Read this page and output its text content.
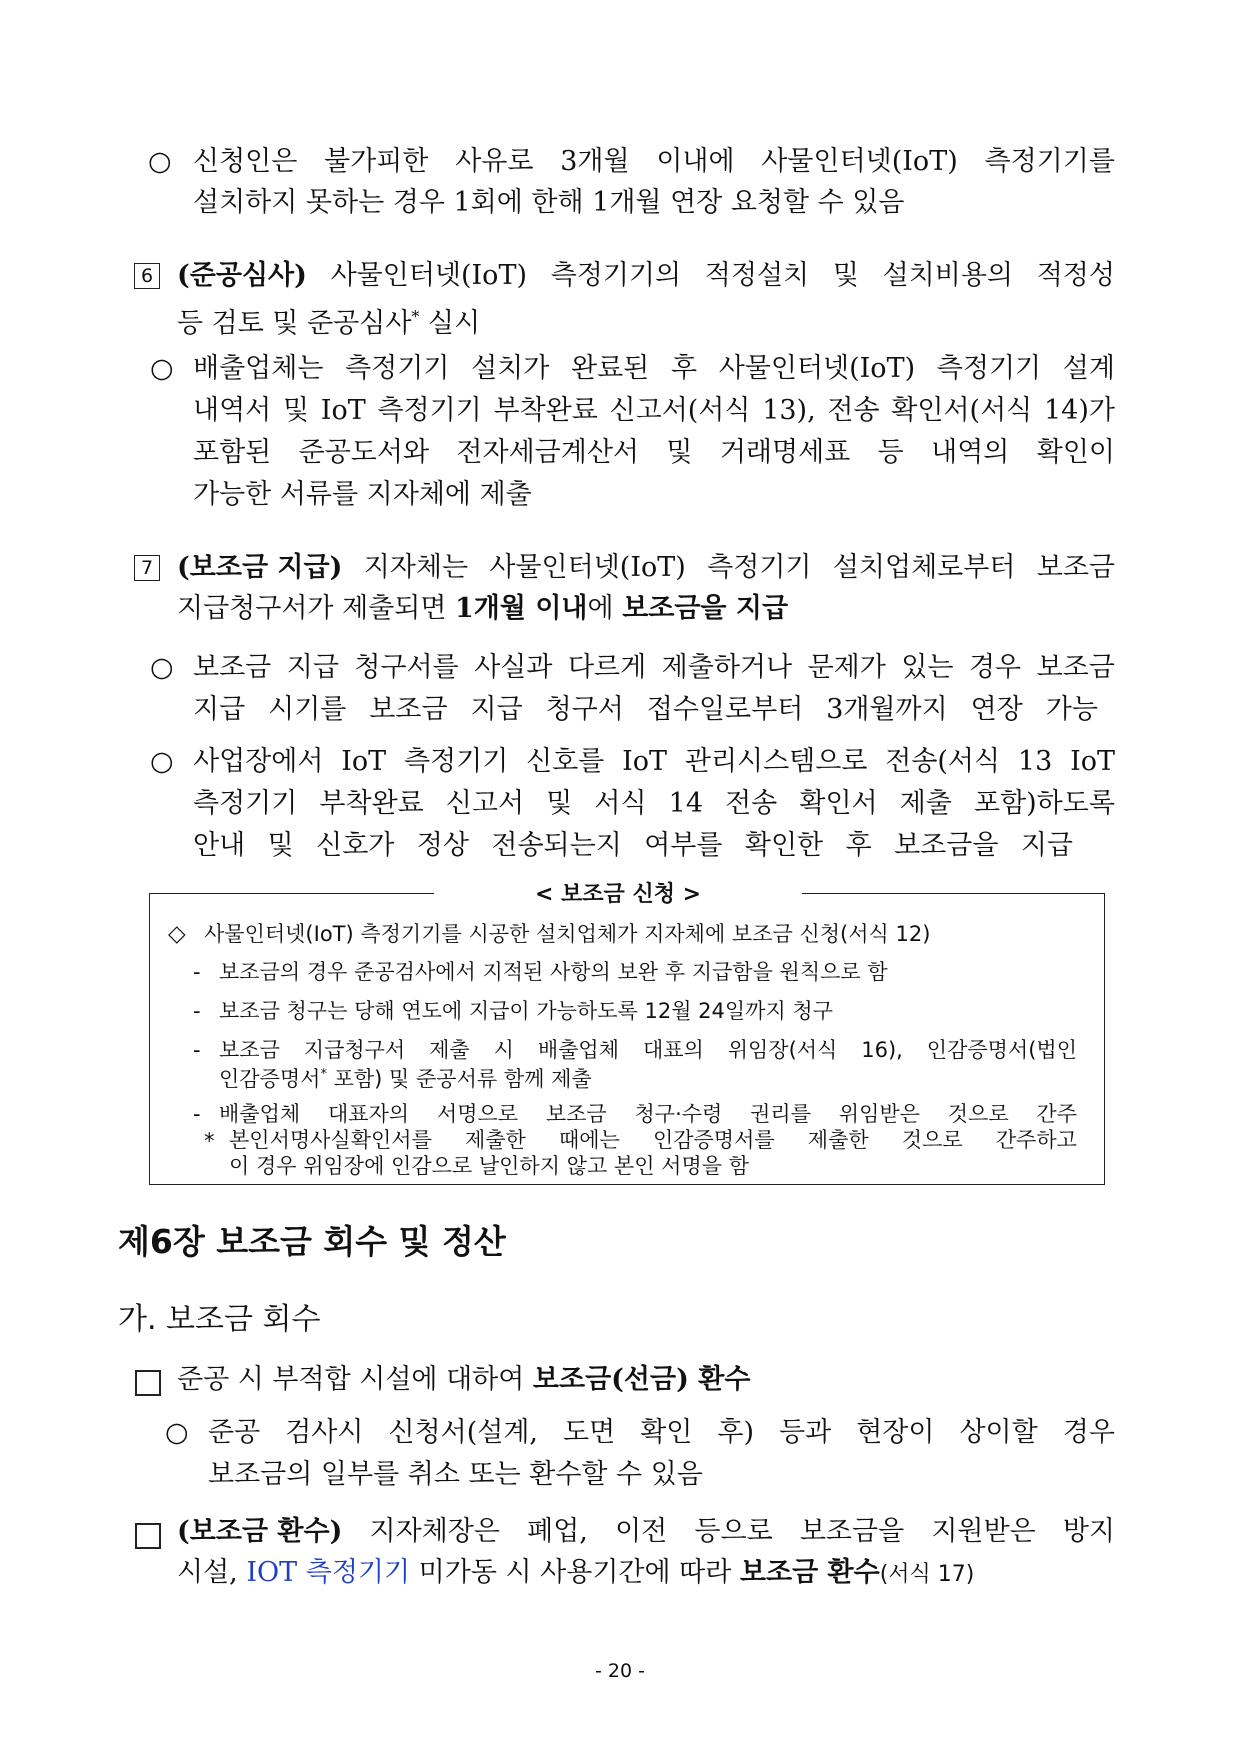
○ 신청인은 불가피한 사유로 3개월 이내에 사물인터넷(IoT) 측정기기를
설치하지 못하는 경우 1회에 한해 1개월 연장 요청할 수 있음
6 (준공심사) 사물인터넷(IoT) 측정기기의 적정설치 및 설치비용의 적정성
등 검토 및 준공심사* 실시
○ 배출업체는 측정기기 설치가 완료된 후 사물인터넷(IoT) 측정기기 설계
내역서 및 IoT 측정기기 부착완료 신고서(서식 13), 전송 확인서(서식 14)가
포함된 준공도서와 전자세금계산서 및 거래명세표 등 내역의 확인이
가능한 서류를 지자체에 제출
7 (보조금 지급) 지자체는 사물인터넷(IoT) 측정기기 설치업체로부터 보조금
지급청구서가 제출되면 1개월 이내에 보조금을 지급
○ 보조금 지급 청구서를 사실과 다르게 제출하거나 문제가 있는 경우 보조금
지급 시기를 보조금 지급 청구서 접수일로부터 3개월까지 연장 가능
○ 사업장에서 IoT 측정기기 신호를 IoT 관리시스템으로 전송(서식 13 IoT
측정기기 부착완료 신고서 및 서식 14 전송 확인서 제출 포함)하도록
안내 및 신호가 정상 전송되는지 여부를 확인한 후 보조금을 지급
< 보조금 신청 >
◇ 사물인터넷(IoT) 측정기기를 시공한 설치업체가 지자체에 보조금 신청(서식 12)
- 보조금의 경우 준공검사에서 지적된 사항의 보완 후 지급함을 원칙으로 함
- 보조금 청구는 당해 연도에 지급이 가능하도록 12월 24일까지 청구
- 보조금 지급청구서 제출 시 배출업체 대표의 위임장(서식 16), 인감증명서(법인
인감증명서* 포함) 및 준공서류 함께 제출
- 배출업체 대표자의 서명으로 보조금 청구·수령 권리를 위임받은 것으로 간주
* 본인서명사실확인서를 제출한 때에는 인감증명서를 제출한 것으로 간주하고
이 경우 위임장에 인감으로 날인하지 않고 본인 서명을 함
제6장 보조금 회수 및 정산
가. 보조금 회수
준공 시 부적합 시설에 대하여 보조금(선금) 환수
○ 준공 검사시 신청서(설계, 도면 확인 후) 등과 현장이 상이할 경우
보조금의 일부를 취소 또는 환수할 수 있음
(보조금 환수) 지자체장은 폐업, 이전 등으로 보조금을 지원받은 방지
시설, IOT 측정기기 미가동 시 사용기간에 따라 보조금 환수(서식 17)
- 20 -
